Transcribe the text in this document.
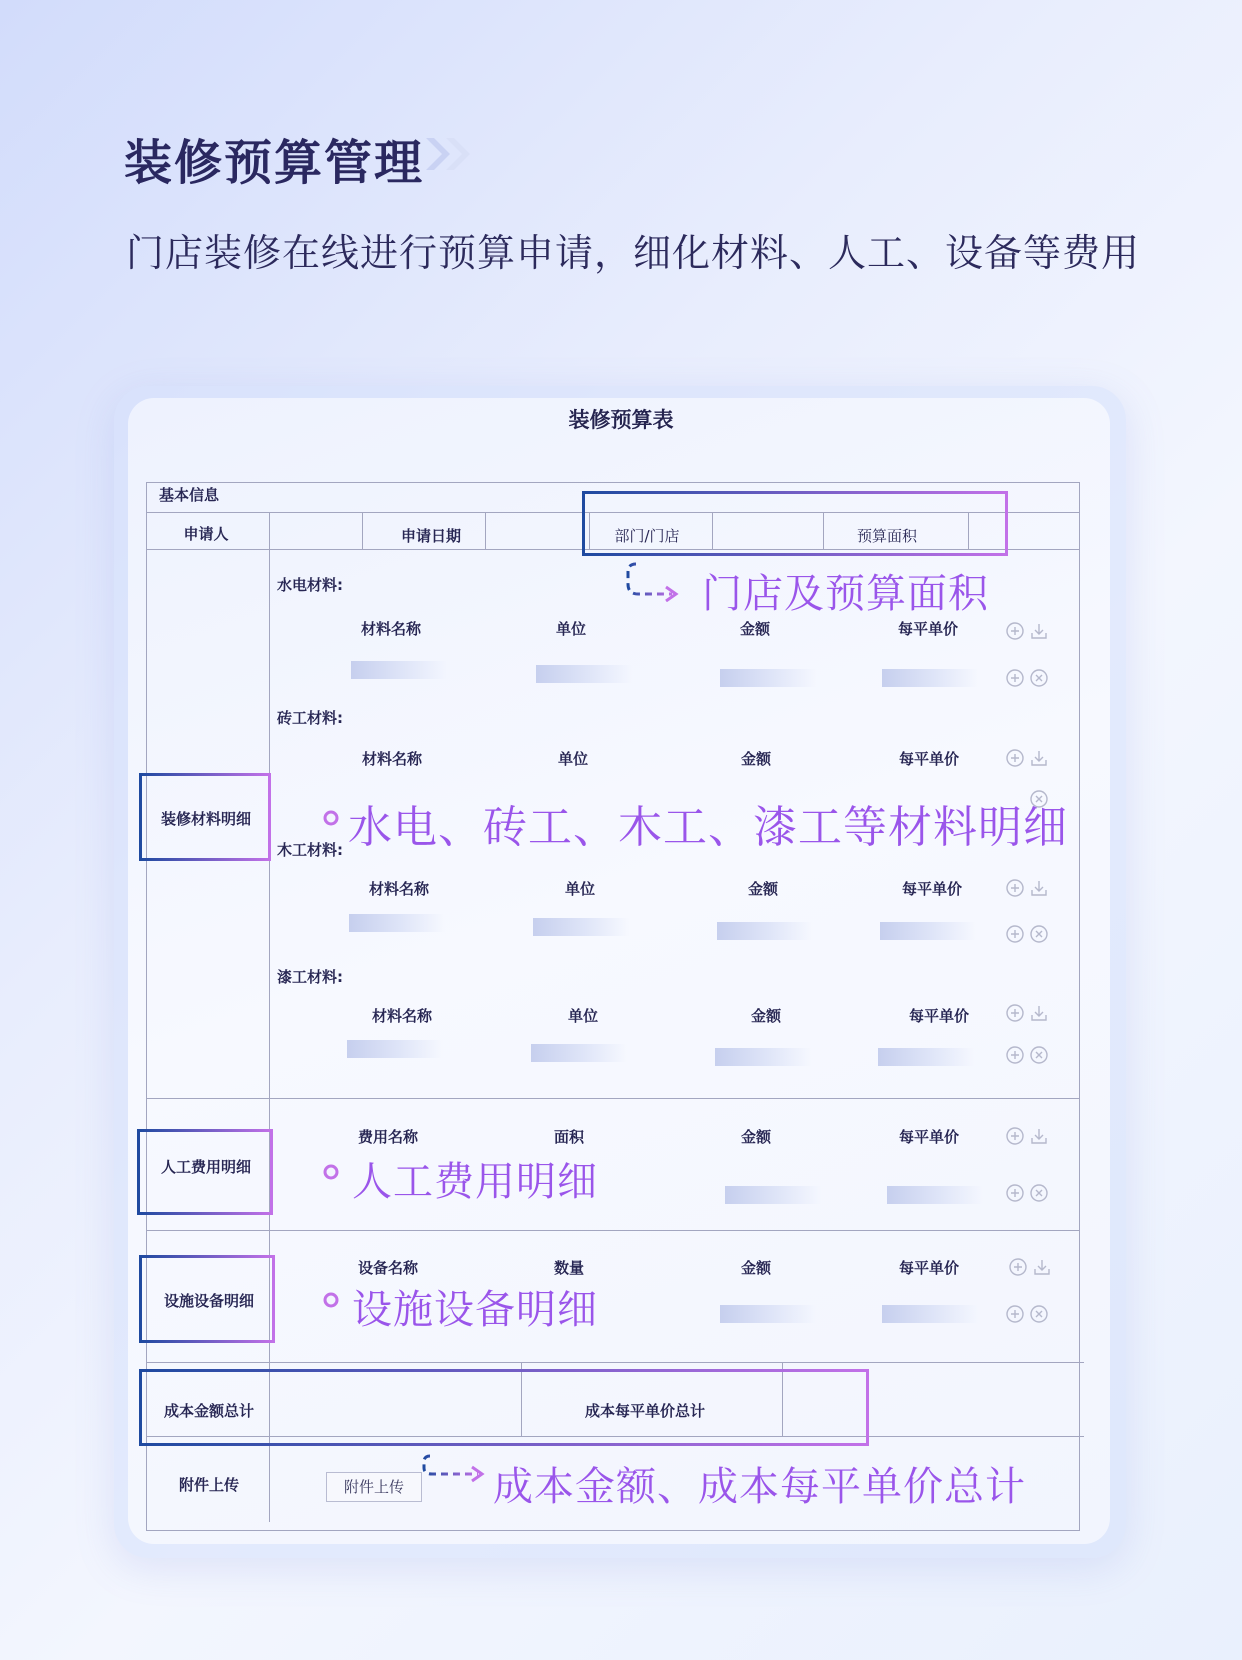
装修预算管理
门店装修在线进行预算申请，细化材料、人工、设备等费用
装修预算表
基本信息
申请人	申请日期	部门/门店	预算面积
水电材料:
材料名称	单位	金额	每平单价
砖工材料:
材料名称	单位	金额	每平单价
木工材料:
材料名称	单位	金额	每平单价
漆工材料:
材料名称	单位	金额	每平单价
费用名称	面积	金额	每平单价
设备名称	数量	金额	每平单价
装修材料明细
人工费用明细
设施设备明细
成本金额总计	成本每平单价总计
附件上传	附件上传
门店及预算面积
水电、砖工、木工、漆工等材料明细
人工费用明细
设施设备明细
成本金额、成本每平单价总计
